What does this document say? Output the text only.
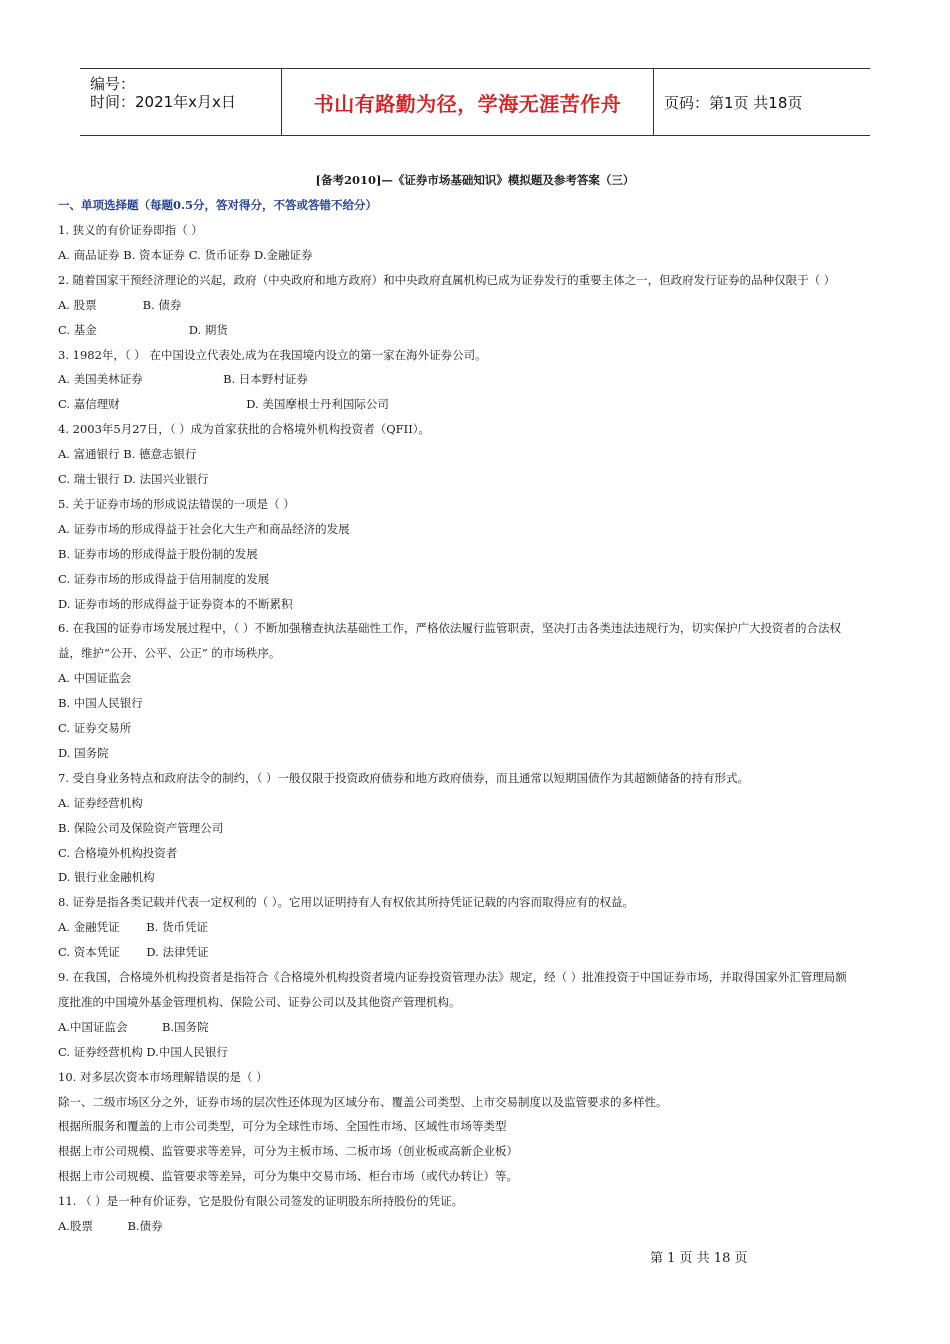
编号：
时间：2021年x月x日	书山有路勤为径，学海无涯苦作舟	页码：第1页 共18页
[备考2010]—《证券市场基础知识》模拟题及参考答案（三）
一、单项选择题（每题0.5分，答对得分，不答或答错不给分）
1. 狭义的有价证券即指（ ）
A. 商品证券 B. 资本证券 C. 货币证券 D.金融证券
2. 随着国家干预经济理论的兴起，政府（中央政府和地方政府）和中央政府直属机构已成为证券发行的重要主体之一，但政府发行证券的品种仅限于（ ）
A. 股票　　　　B. 债券
C. 基金　　　　　　　　D. 期货
3. 1982年，（ ） 在中国设立代表处,成为在我国境内设立的第一家在海外证券公司。
A. 美国美林证券　　　　　　　B. 日本野村证券
C. 嘉信理财　　　　　　　　　　　D. 美国摩根士丹利国际公司
4. 2003年5月27日，（ ）成为首家获批的合格境外机构投资者（QFII）。
A. 富通银行 B. 德意志银行
C. 瑞士银行 D. 法国兴业银行
5. 关于证券市场的形成说法错误的一项是（ ）
A. 证券市场的形成得益于社会化大生产和商品经济的发展
B. 证券市场的形成得益于股份制的发展
C. 证券市场的形成得益于信用制度的发展
D. 证券市场的形成得益于证券资本的不断累积
6. 在我国的证券市场发展过程中，（ ）不断加强稽查执法基础性工作，严格依法履行监管职责，坚决打击各类违法违规行为，切实保护广大投资者的合法权
益，维护“公开、公平、公正” 的市场秩序。
A. 中国证监会
B. 中国人民银行
C. 证券交易所
D. 国务院
7. 受自身业务特点和政府法令的制约，（ ）一般仅限于投资政府债券和地方政府债券，而且通常以短期国债作为其超额储备的持有形式。
A. 证券经营机构
B. 保险公司及保险资产管理公司
C. 合格境外机构投资者
D. 银行业金融机构
8. 证券是指各类记载并代表一定权利的（ ）。它用以证明持有人有权依其所持凭证记载的内容而取得应有的权益。
A. 金融凭证　　 B. 货币凭证
C. 资本凭证　　 D. 法律凭证
9. 在我国，合格境外机构投资者是指符合《合格境外机构投资者境内证券投资管理办法》规定，经（ ）批准投资于中国证券市场，并取得国家外汇管理局额
度批准的中国境外基金管理机构、保险公司、证券公司以及其他资产管理机构。
A.中国证监会　　　B.国务院
C. 证券经营机构 D.中国人民银行
10. 对多层次资本市场理解错误的是（ ）
除一、二级市场区分之外，证券市场的层次性还体现为区域分布、覆盖公司类型、上市交易制度以及监管要求的多样性。
根据所服务和覆盖的上市公司类型，可分为全球性市场、全国性市场、区域性市场等类型
根据上市公司规模、监管要求等差异，可分为主板市场、二板市场（创业板或高新企业板）
根据上市公司规模、监管要求等差异，可分为集中交易市场、柜台市场（或代办转让）等。
11. （ ）是一种有价证券，它是股份有限公司签发的证明股东所持股份的凭证。
A.股票　　　B.债券
第 1 页 共 18 页
